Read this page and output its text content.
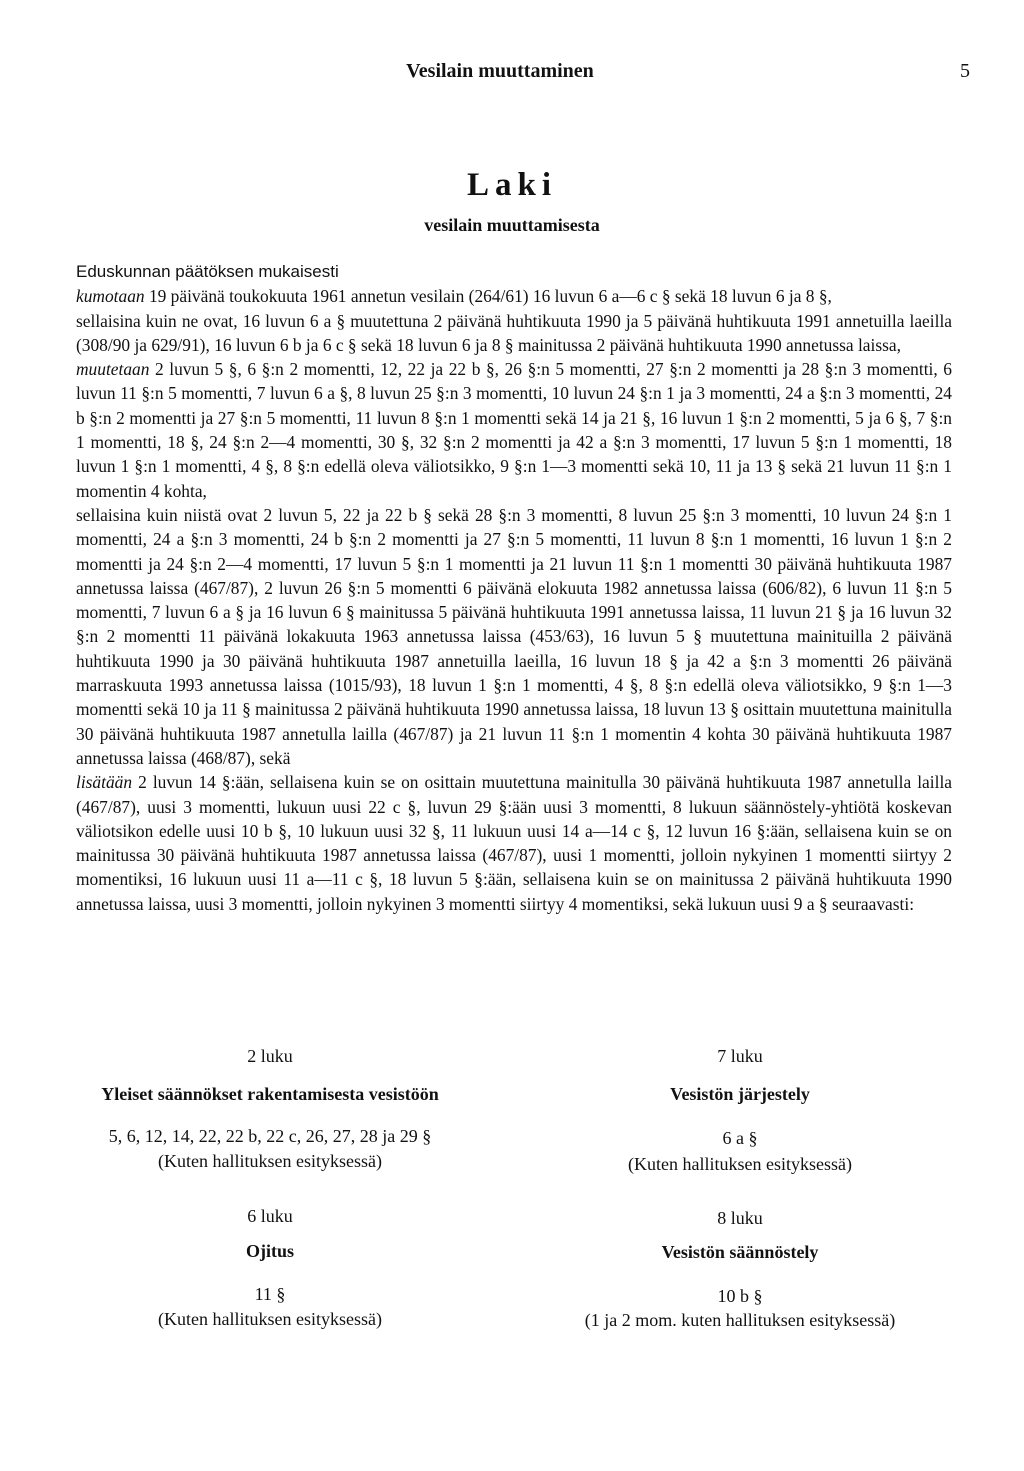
Vesilain muuttaminen	5
Laki
vesilain muuttamisesta

Eduskunnan päätöksen mukaisesti

kumotaan 19 päivänä toukokuuta 1961 annetun vesilain (264/61) 16 luvun 6 a—6 c § sekä 18 luvun 6 ja 8 §,

sellaisina kuin ne ovat, 16 luvun 6 a § muutettuna 2 päivänä huhtikuuta 1990 ja 5 päivänä huhtikuuta 1991 annetuilla laeilla (308/90 ja 629/91), 16 luvun 6 b ja 6 c § sekä 18 luvun 6 ja 8 § mainitussa 2 päivänä huhtikuuta 1990 annetussa laissa,

muutetaan 2 luvun 5 §, 6 §:n 2 momentti, 12, 22 ja 22 b §, 26 §:n 5 momentti, 27 §:n 2 momentti ja 28 §:n 3 momentti, 6 luvun 11 §:n 5 momentti, 7 luvun 6 a §, 8 luvun 25 §:n 3 momentti, 10 luvun 24 §:n 1 ja 3 momentti, 24 a §:n 3 momentti, 24 b §:n 2 momentti ja 27 §:n 5 momentti, 11 luvun 8 §:n 1 momentti sekä 14 ja 21 §, 16 luvun 1 §:n 2 momentti, 5 ja 6 §, 7 §:n 1 momentti, 18 §, 24 §:n 2—4 momentti, 30 §, 32 §:n 2 momentti ja 42 a §:n 3 momentti, 17 luvun 5 §:n 1 momentti, 18 luvun 1 §:n 1 momentti, 4 §, 8 §:n edellä oleva väliotsikko, 9 §:n 1—3 momentti sekä 10, 11 ja 13 § sekä 21 luvun 11 §:n 1 momentin 4 kohta,

sellaisina kuin niistä ovat 2 luvun 5, 22 ja 22 b § sekä 28 §:n 3 momentti, 8 luvun 25 §:n 3 momentti, 10 luvun 24 §:n 1 momentti, 24 a §:n 3 momentti, 24 b §:n 2 momentti ja 27 §:n 5 momentti, 11 luvun 8 §:n 1 momentti, 16 luvun 1 §:n 2 momentti ja 24 §:n 2—4 momentti, 17 luvun 5 §:n 1 momentti ja 21 luvun 11 §:n 1 momentti 30 päivänä huhtikuuta 1987 annetussa laissa (467/87), 2 luvun 26 §:n 5 momentti 6 päivänä elokuuta 1982 annetussa laissa (606/82), 6 luvun 11 §:n 5 momentti, 7 luvun 6 a § ja 16 luvun 6 § mainitussa 5 päivänä huhtikuuta 1991 annetussa laissa, 11 luvun 21 § ja 16 luvun 32 §:n 2 momentti 11 päivänä lokakuuta 1963 annetussa laissa (453/63), 16 luvun 5 § muutettuna mainituilla 2 päivänä huhtikuuta 1990 ja 30 päivänä huhtikuuta 1987 annetuilla laeilla, 16 luvun 18 § ja 42 a §:n 3 momentti 26 päivänä marraskuuta 1993 annetussa laissa (1015/93), 18 luvun 1 §:n 1 momentti, 4 §, 8 §:n edellä oleva väliotsikko, 9 §:n 1—3 momentti sekä 10 ja 11 § mainitussa 2 päivänä huhtikuuta 1990 annetussa laissa, 18 luvun 13 § osittain muutettuna mainitulla 30 päivänä huhtikuuta 1987 annetulla lailla (467/87) ja 21 luvun 11 §:n 1 momentin 4 kohta 30 päivänä huhtikuuta 1987 annetussa laissa (468/87), sekä

lisätään 2 luvun 14 §:ään, sellaisena kuin se on osittain muutettuna mainitulla 30 päivänä huhtikuuta 1987 annetulla lailla (467/87), uusi 3 momentti, lukuun uusi 22 c §, luvun 29 §:ään uusi 3 momentti, 8 lukuun säännöstely-yhtiötä koskevan väliotsikon edelle uusi 10 b §, 10 lukuun uusi 32 §, 11 lukuun uusi 14 a—14 c §, 12 luvun 16 §:ään, sellaisena kuin se on mainitussa 30 päivänä huhtikuuta 1987 annetussa laissa (467/87), uusi 1 momentti, jolloin nykyinen 1 momentti siirtyy 2 momentiksi, 16 lukuun uusi 11 a—11 c §, 18 luvun 5 §:ään, sellaisena kuin se on mainitussa 2 päivänä huhtikuuta 1990 annetussa laissa, uusi 3 momentti, jolloin nykyinen 3 momentti siirtyy 4 momentiksi, sekä lukuun uusi 9 a § seuraavasti:

2 luku
Yleiset säännökset rakentamisesta vesistöön
5, 6, 12, 14, 22, 22 b, 22 c, 26, 27, 28 ja 29 §
(Kuten hallituksen esityksessä)
6 luku
Ojitus
11 §
(Kuten hallituksen esityksessä)
7 luku
Vesistön järjestely
6 a §
(Kuten hallituksen esityksessä)
8 luku
Vesistön säännöstely
10 b §
(1 ja 2 mom. kuten hallituksen esityksessä)
